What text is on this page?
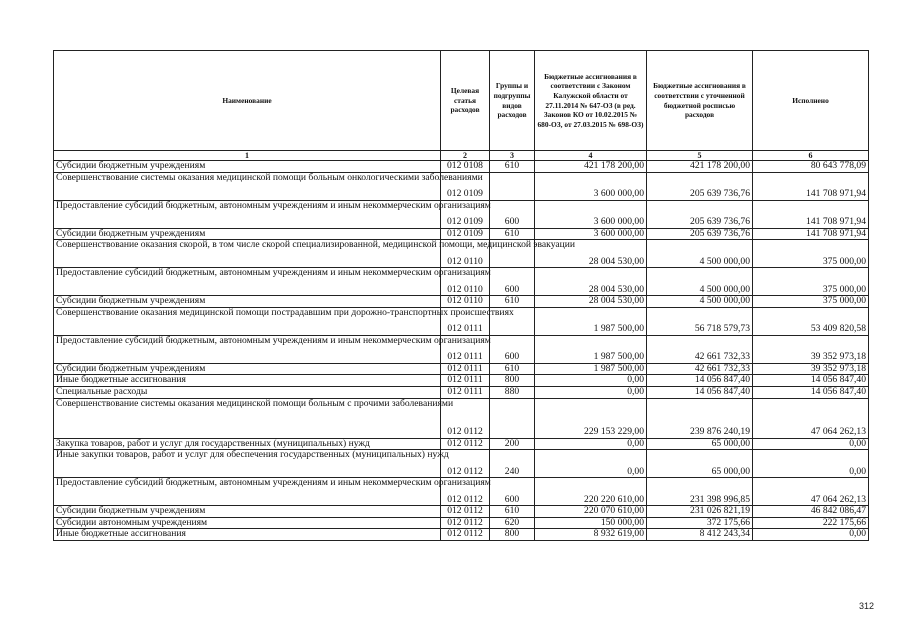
Наименование	Целевая статья расходов	Группы и подгруппы видов расходов	Бюджетные ассигнования в соответствии с Законом Калужской области от 27.11.2014 № 647-ОЗ (в ред. Законов КО от 10.02.2015 № 680-ОЗ, от 27.03.2015 № 698-ОЗ)	Бюджетные ассигнования в соответствии с уточненной бюджетной росписью расходов	Исполнено
1	2	3	4	5	6
Субсидии бюджетным учреждениям	012 0108	610	421 178 200,00	421 178 200,00	80 643 778,09
Совершенствование системы оказания медицинской помощи больным онкологическими заболеваниями	012 0109		3 600 000,00	205 639 736,76	141 708 971,94
Предоставление субсидий бюджетным, автономным учреждениям и иным некоммерческим организациям	012 0109	600	3 600 000,00	205 639 736,76	141 708 971,94
Субсидии бюджетным учреждениям	012 0109	610	3 600 000,00	205 639 736,76	141 708 971,94
Совершенствование оказания скорой, в том числе скорой специализированной, медицинской помощи, медицинской эвакуации	012 0110		28 004 530,00	4 500 000,00	375 000,00
Предоставление субсидий бюджетным, автономным учреждениям и иным некоммерческим организациям	012 0110	600	28 004 530,00	4 500 000,00	375 000,00
Субсидии бюджетным учреждениям	012 0110	610	28 004 530,00	4 500 000,00	375 000,00
Совершенствование оказания медицинской помощи пострадавшим при дорожно-транспортных происшествиях	012 0111		1 987 500,00	56 718 579,73	53 409 820,58
Предоставление субсидий бюджетным, автономным учреждениям и иным некоммерческим организациям	012 0111	600	1 987 500,00	42 661 732,33	39 352 973,18
Субсидии бюджетным учреждениям	012 0111	610	1 987 500,00	42 661 732,33	39 352 973,18
Иные бюджетные ассигнования	012 0111	800	0,00	14 056 847,40	14 056 847,40
Специальные расходы	012 0111	880	0,00	14 056 847,40	14 056 847,40
Совершенствование системы оказания медицинской помощи больным с прочими заболеваниями	012 0112		229 153 229,00	239 876 240,19	47 064 262,13
Закупка товаров, работ и услуг для государственных (муниципальных) нужд	012 0112	200	0,00	65 000,00	0,00
Иные закупки товаров, работ и услуг для обеспечения государственных (муниципальных) нужд	012 0112	240	0,00	65 000,00	0,00
Предоставление субсидий бюджетным, автономным учреждениям и иным некоммерческим организациям	012 0112	600	220 220 610,00	231 398 996,85	47 064 262,13
Субсидии бюджетным учреждениям	012 0112	610	220 070 610,00	231 026 821,19	46 842 086,47
Субсидии автономным учреждениям	012 0112	620	150 000,00	372 175,66	222 175,66
Иные бюджетные ассигнования	012 0112	800	8 932 619,00	8 412 243,34	0,00
312
